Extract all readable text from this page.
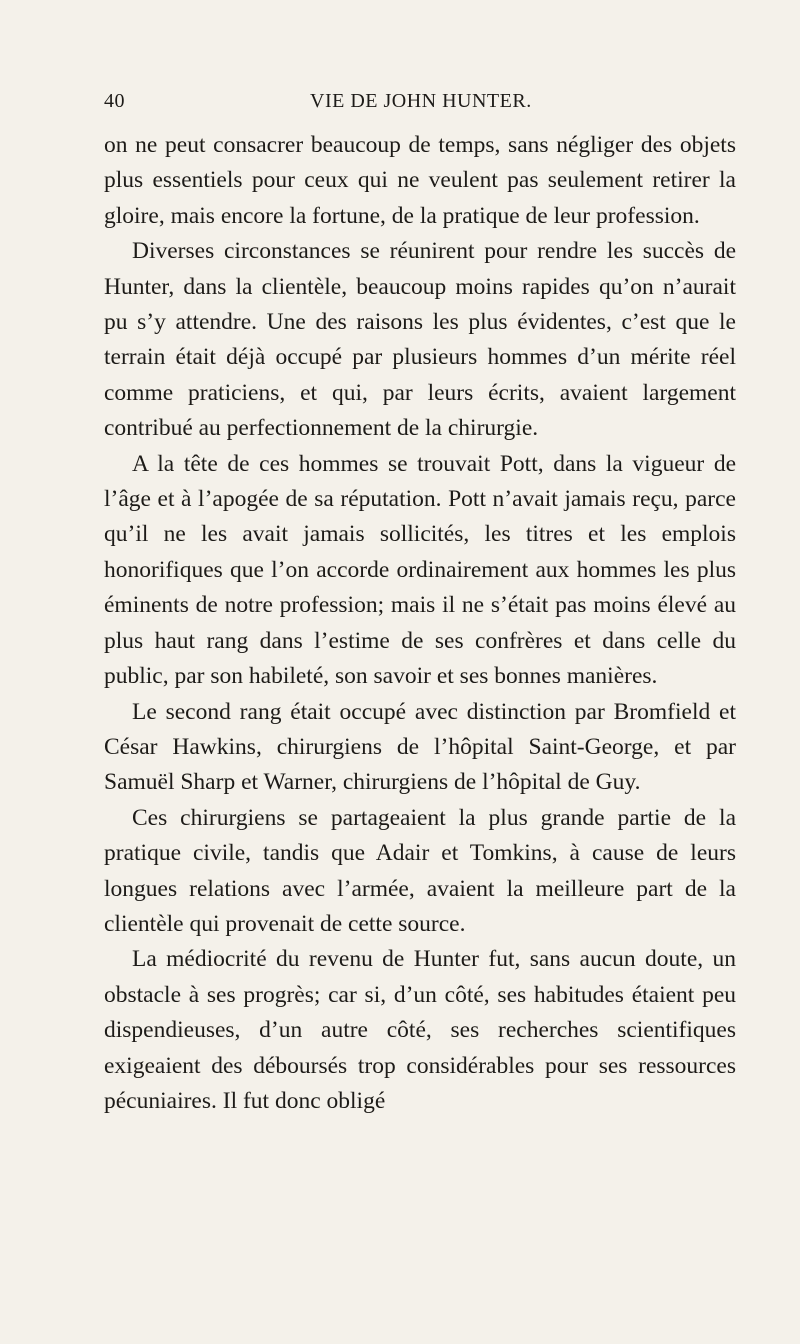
40	VIE DE JOHN HUNTER.

on ne peut consacrer beaucoup de temps, sans négliger des objets plus essentiels pour ceux qui ne veulent pas seulement retirer la gloire, mais encore la fortune, de la pratique de leur profession.

Diverses circonstances se réunirent pour rendre les succès de Hunter, dans la clientèle, beaucoup moins rapides qu’on n’aurait pu s’y attendre. Une des raisons les plus évidentes, c’est que le terrain était déjà occupé par plusieurs hommes d’un mérite réel comme praticiens, et qui, par leurs écrits, avaient largement contribué au perfectionnement de la chirurgie.

A la tête de ces hommes se trouvait Pott, dans la vigueur de l’âge et à l’apogée de sa réputation. Pott n’avait jamais reçu, parce qu’il ne les avait jamais sollicités, les titres et les emplois honorifiques que l’on accorde ordinairement aux hommes les plus éminents de notre profession; mais il ne s’était pas moins élevé au plus haut rang dans l’estime de ses confrères et dans celle du public, par son habileté, son savoir et ses bonnes manières.

Le second rang était occupé avec distinction par Bromfield et César Hawkins, chirurgiens de l’hôpital Saint-George, et par Samuël Sharp et Warner, chirurgiens de l’hôpital de Guy.

Ces chirurgiens se partageaient la plus grande partie de la pratique civile, tandis que Adair et Tomkins, à cause de leurs longues relations avec l’armée, avaient la meilleure part de la clientèle qui provenait de cette source.

La médiocrité du revenu de Hunter fut, sans aucun doute, un obstacle à ses progrès; car si, d’un côté, ses habitudes étaient peu dispendieuses, d’un autre côté, ses recherches scientifiques exigeaient des déboursés trop considérables pour ses ressources pécuniaires. Il fut donc obligé
